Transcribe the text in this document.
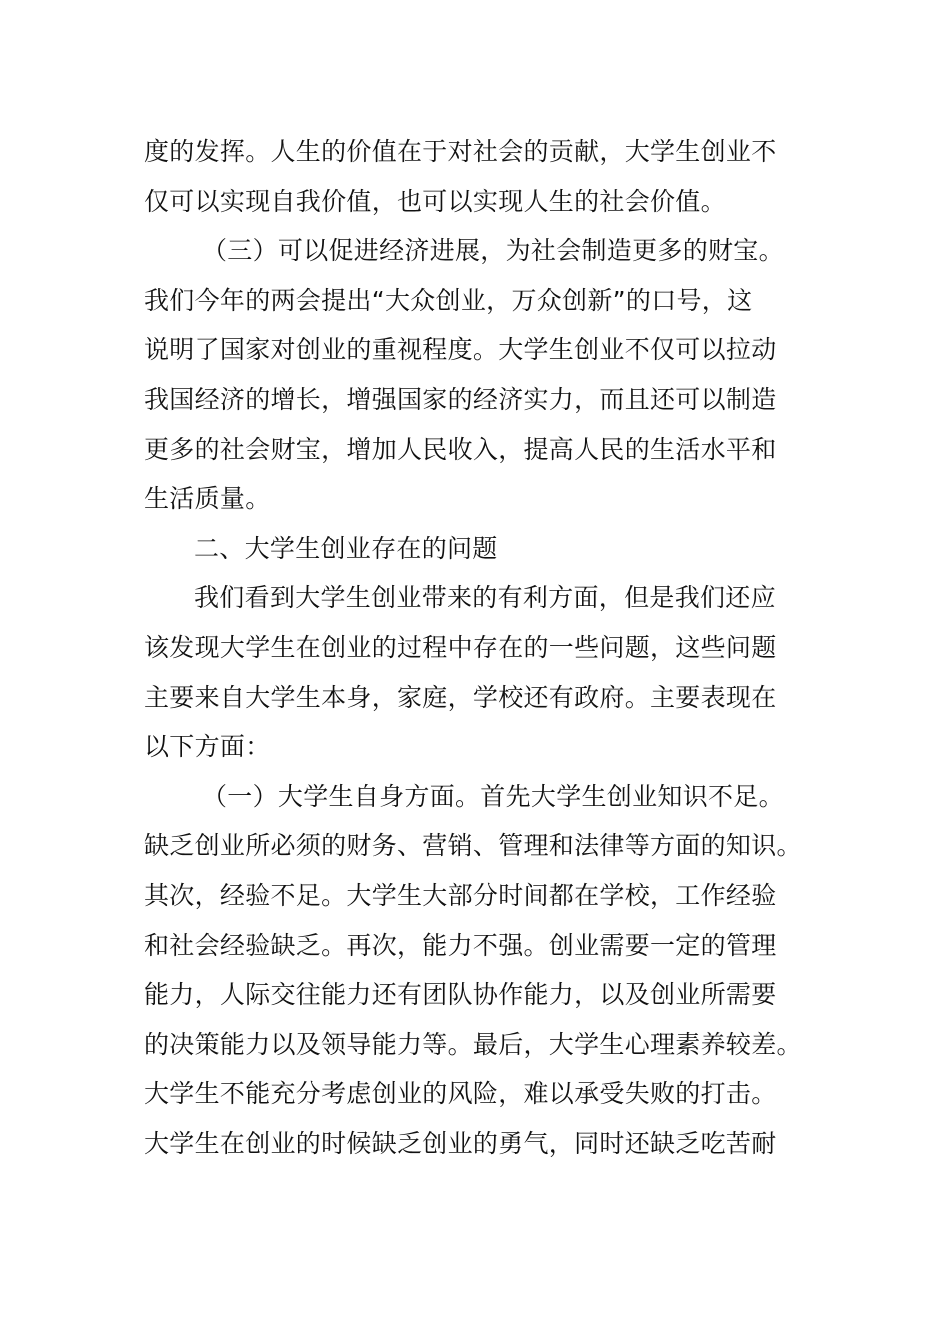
度的发挥。人生的价值在于对社会的贡献，大学生创业不
仅可以实现自我价值，也可以实现人生的社会价值。
（三）可以促进经济进展，为社会制造更多的财宝。
我们今年的两会提出“大众创业，万众创新”的口号，这
说明了国家对创业的重视程度。大学生创业不仅可以拉动
我国经济的增长，增强国家的经济实力，而且还可以制造
更多的社会财宝，增加人民收入，提高人民的生活水平和
生活质量。
二、大学生创业存在的问题
我们看到大学生创业带来的有利方面，但是我们还应
该发现大学生在创业的过程中存在的一些问题，这些问题
主要来自大学生本身，家庭，学校还有政府。主要表现在
以下方面：
（一）大学生自身方面。首先大学生创业知识不足。
缺乏创业所必须的财务、营销、管理和法律等方面的知识。
其次，经验不足。大学生大部分时间都在学校，工作经验
和社会经验缺乏。再次，能力不强。创业需要一定的管理
能力，人际交往能力还有团队协作能力，以及创业所需要
的决策能力以及领导能力等。最后，大学生心理素养较差。
大学生不能充分考虑创业的风险，难以承受失败的打击。
大学生在创业的时候缺乏创业的勇气，同时还缺乏吃苦耐
